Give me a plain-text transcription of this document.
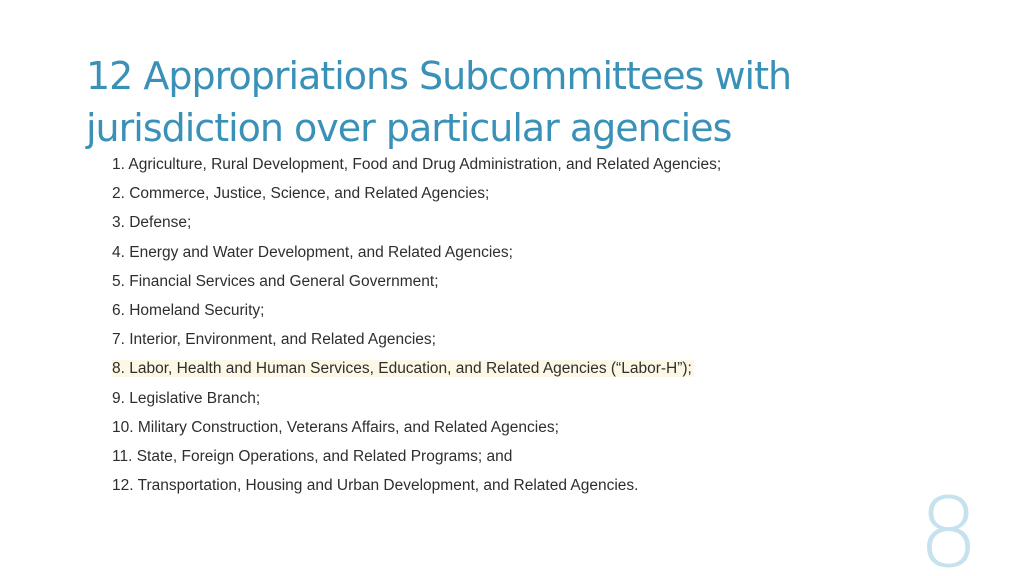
12 Appropriations Subcommittees with
jurisdiction over particular agencies
1. Agriculture, Rural Development, Food and Drug Administration, and Related Agencies;
2. Commerce, Justice, Science, and Related Agencies;
3. Defense;
4. Energy and Water Development, and Related Agencies;
5. Financial Services and General Government;
6. Homeland Security;
7. Interior, Environment, and Related Agencies;
8. Labor, Health and Human Services, Education, and Related Agencies (“Labor-H”);
9. Legislative Branch;
10. Military Construction, Veterans Affairs, and Related Agencies;
11. State, Foreign Operations, and Related Programs; and
12. Transportation, Housing and Urban Development, and Related Agencies.	8
